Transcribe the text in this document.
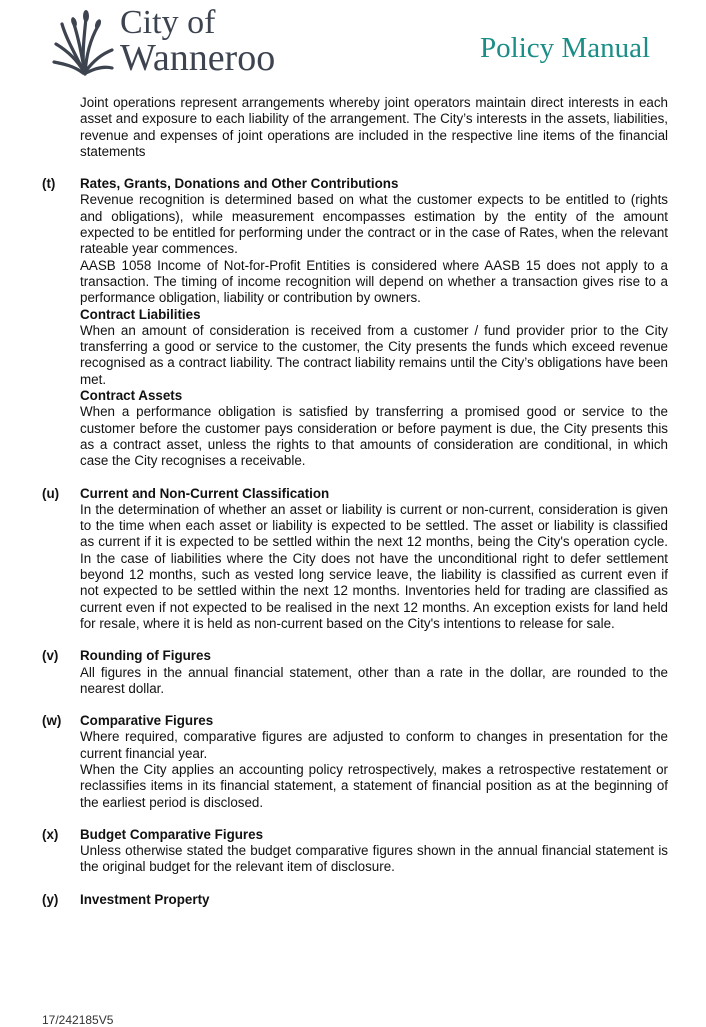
City of
Wanneroo	Policy Manual

Joint operations represent arrangements whereby joint operators maintain direct interests in each asset and exposure to each liability of the arrangement. The City’s interests in the assets, liabilities, revenue and expenses of joint operations are included in the respective line items of the financial statements

(t) Rates, Grants, Donations and Other Contributions

Revenue recognition is determined based on what the customer expects to be entitled to (rights and obligations), while measurement encompasses estimation by the entity of the amount expected to be entitled for performing under the contract or in the case of Rates, when the relevant rateable year commences.

AASB 1058 Income of Not-for-Profit Entities is considered where AASB 15 does not apply to a transaction. The timing of income recognition will depend on whether a transaction gives rise to a performance obligation, liability or contribution by owners.

Contract Liabilities

When an amount of consideration is received from a customer / fund provider prior to the City transferring a good or service to the customer, the City presents the funds which exceed revenue recognised as a contract liability. The contract liability remains until the City’s obligations have been met.

Contract Assets

When a performance obligation is satisfied by transferring a promised good or service to the customer before the customer pays consideration or before payment is due, the City presents this as a contract asset, unless the rights to that amounts of consideration are conditional, in which case the City recognises a receivable.

(u) Current and Non-Current Classification

In the determination of whether an asset or liability is current or non-current, consideration is given to the time when each asset or liability is expected to be settled. The asset or liability is classified as current if it is expected to be settled within the next 12 months, being the City's operation cycle. In the case of liabilities where the City does not have the unconditional right to defer settlement beyond 12 months, such as vested long service leave, the liability is classified as current even if not expected to be settled within the next 12 months. Inventories held for trading are classified as current even if not expected to be realised in the next 12 months. An exception exists for land held for resale, where it is held as non-current based on the City's intentions to release for sale.

(v) Rounding of Figures

All figures in the annual financial statement, other than a rate in the dollar, are rounded to the nearest dollar.

(w) Comparative Figures

Where required, comparative figures are adjusted to conform to changes in presentation for the current financial year.

When the City applies an accounting policy retrospectively, makes a retrospective restatement or reclassifies items in its financial statement, a statement of financial position as at the beginning of the earliest period is disclosed.

(x) Budget Comparative Figures

Unless otherwise stated the budget comparative figures shown in the annual financial statement is the original budget for the relevant item of disclosure.

(y) Investment Property

17/242185V5
